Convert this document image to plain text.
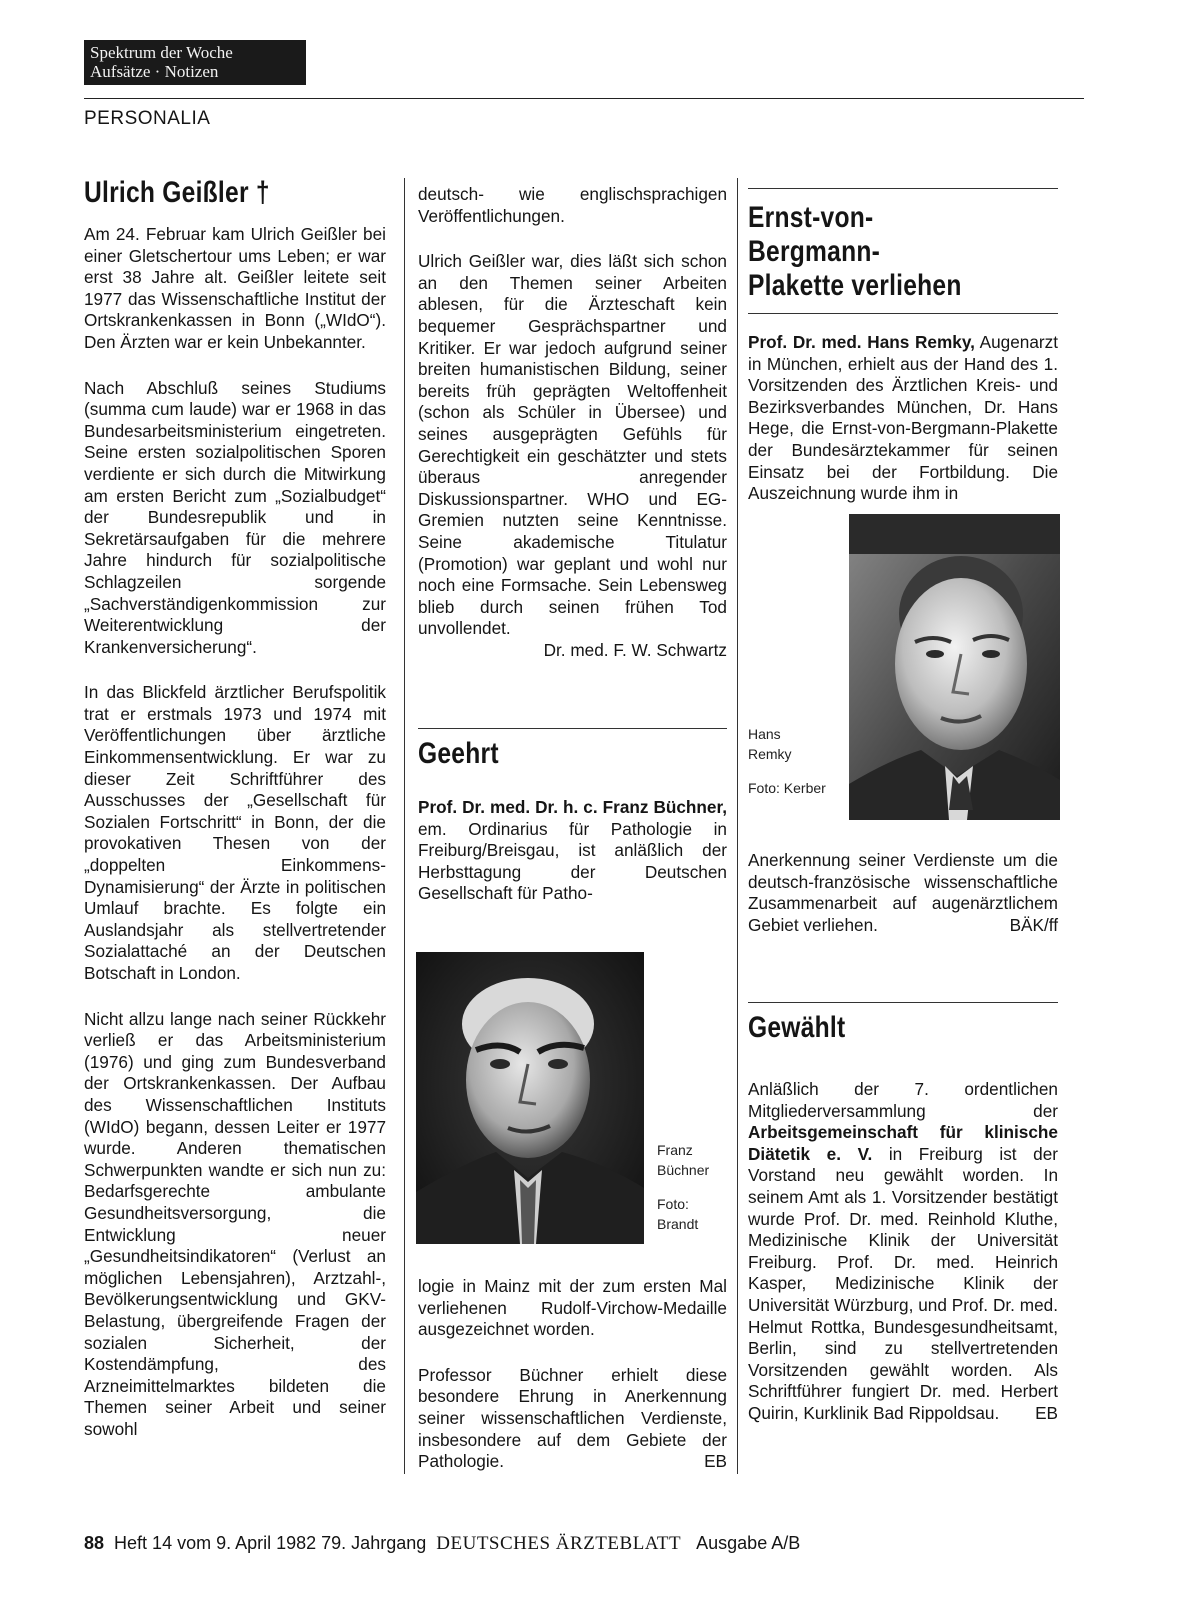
Spektrum der Woche
Aufsätze · Notizen
PERSONALIA
Ulrich Geißler †

Am 24. Februar kam Ulrich Geißler bei einer Gletschertour ums Leben; er war erst 38 Jahre alt. Geißler leitete seit 1977 das Wissenschaftliche Institut der Ortskrankenkassen in Bonn („WIdO“). Den Ärzten war er kein Unbekannter.

Nach Abschluß seines Studiums (summa cum laude) war er 1968 in das Bundesarbeitsministerium eingetreten. Seine ersten sozialpolitischen Sporen verdiente er sich durch die Mitwirkung am ersten Bericht zum „Sozialbudget“ der Bundesrepublik und in Sekretärsaufgaben für die mehrere Jahre hindurch für sozialpolitische Schlagzeilen sorgende „Sachverständigenkommission zur Weiterentwicklung der Krankenversicherung“.

In das Blickfeld ärztlicher Berufspolitik trat er erstmals 1973 und 1974 mit Veröffentlichungen über ärztliche Einkommensentwicklung. Er war zu dieser Zeit Schriftführer des Ausschusses der „Gesellschaft für Sozialen Fortschritt“ in Bonn, der die provokativen Thesen von der „doppelten Einkommens-Dynamisierung“ der Ärzte in politischen Umlauf brachte. Es folgte ein Auslandsjahr als stellvertretender Sozialattaché an der Deutschen Botschaft in London.

Nicht allzu lange nach seiner Rückkehr verließ er das Arbeitsministerium (1976) und ging zum Bundesverband der Ortskrankenkassen. Der Aufbau des Wissenschaftlichen Instituts (WIdO) begann, dessen Leiter er 1977 wurde. Anderen thematischen Schwerpunkten wandte er sich nun zu: Bedarfsgerechte ambulante Gesundheitsversorgung, die Entwicklung neuer „Gesundheitsindikatoren“ (Verlust an möglichen Lebensjahren), Arztzahl-, Bevölkerungsentwicklung und GKV-Belastung, übergreifende Fragen der sozialen Sicherheit, der Kostendämpfung, des Arzneimittelmarktes bildeten die Themen seiner Arbeit und seiner sowohl

deutsch- wie englischsprachigen Veröffentlichungen.

Ulrich Geißler war, dies läßt sich schon an den Themen seiner Arbeiten ablesen, für die Ärzteschaft kein bequemer Gesprächspartner und Kritiker. Er war jedoch aufgrund seiner breiten humanistischen Bildung, seiner bereits früh geprägten Weltoffenheit (schon als Schüler in Übersee) und seines ausgeprägten Gefühls für Gerechtigkeit ein geschätzter und stets überaus anregender Diskussionspartner. WHO und EG-Gremien nutzten seine Kenntnisse. Seine akademische Titulatur (Promotion) war geplant und wohl nur noch eine Formsache. Sein Lebensweg blieb durch seinen frühen Tod unvollendet.

Dr. med. F. W. Schwartz

Geehrt

Prof. Dr. med. Dr. h. c. Franz Büchner, em. Ordinarius für Pathologie in Freiburg/Breisgau, ist anläßlich der Herbsttagung der Deutschen Gesellschaft für Patho-

Franz Büchner
Foto: Brandt

logie in Mainz mit der zum ersten Mal verliehenen Rudolf-Virchow-Medaille ausgezeichnet worden.

Professor Büchner erhielt diese besondere Ehrung in Anerkennung seiner wissenschaftlichen Verdienste, insbesondere auf dem Gebiete der Pathologie.	EB

Ernst-von-Bergmann-
Plakette verliehen

Prof. Dr. med. Hans Remky, Augenarzt in München, erhielt aus der Hand des 1. Vorsitzenden des Ärztlichen Kreis- und Bezirksverbandes München, Dr. Hans Hege, die Ernst-von-Bergmann-Plakette der Bundesärztekammer für seinen Einsatz bei der Fortbildung. Die Auszeichnung wurde ihm in

Hans Remky
Foto: Kerber

Anerkennung seiner Verdienste um die deutsch-französische wissenschaftliche Zusammenarbeit auf augenärztlichem Gebiet verliehen.	BÄK/ff

Gewählt

Anläßlich der 7. ordentlichen Mitgliederversammlung der Arbeitsgemeinschaft für klinische Diätetik e. V. in Freiburg ist der Vorstand neu gewählt worden. In seinem Amt als 1. Vorsitzender bestätigt wurde Prof. Dr. med. Reinhold Kluthe, Medizinische Klinik der Universität Freiburg. Prof. Dr. med. Heinrich Kasper, Medizinische Klinik der Universität Würzburg, und Prof. Dr. med. Helmut Rottka, Bundesgesundheitsamt, Berlin, sind zu stellvertretenden Vorsitzenden gewählt worden. Als Schriftführer fungiert Dr. med. Herbert Quirin, Kurklinik Bad Rippoldsau. EB

88 Heft 14 vom 9. April 1982 79. Jahrgang DEUTSCHES ÄRZTEBLATT Ausgabe A/B
